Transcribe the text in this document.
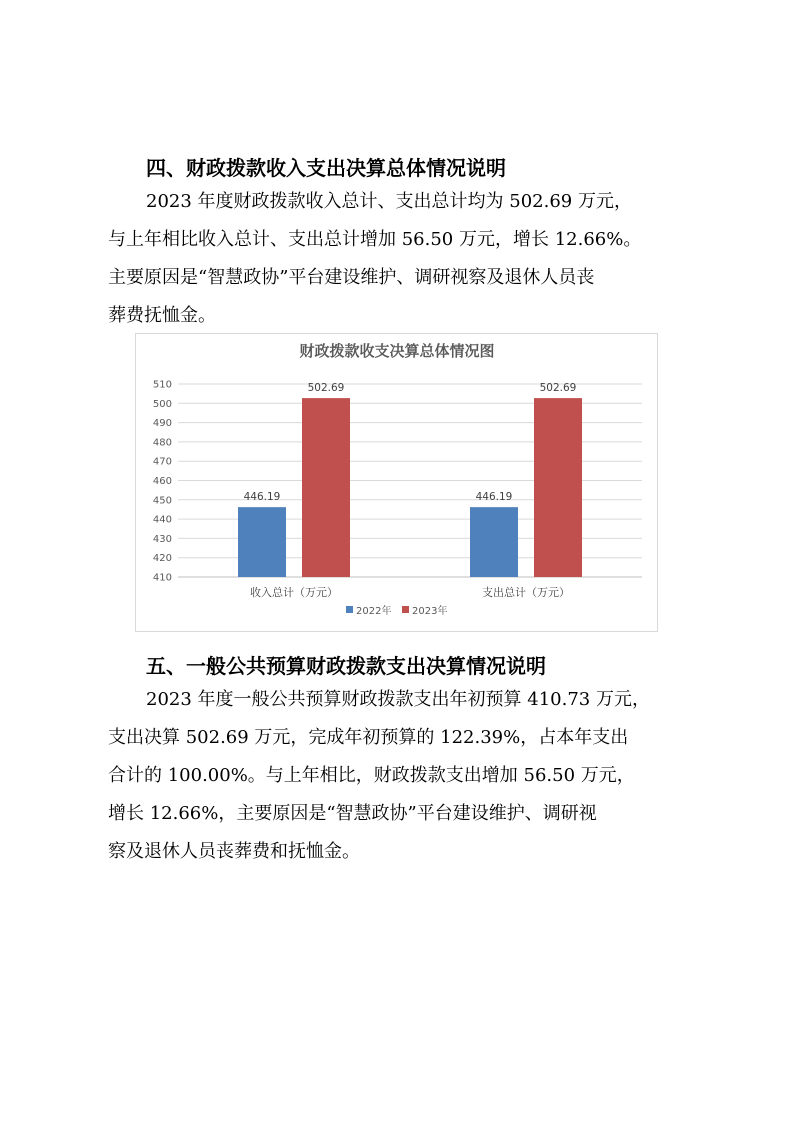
四、财政拨款收入支出决算总体情况说明
2023 年度财政拨款收入总计、支出总计均为 502.69 万元，
与上年相比收入总计、支出总计增加 56.50 万元，增长 12.66%。
主要原因是“智慧政协”平台建设维护、调研视察及退休人员丧
葬费抚恤金。
财政拨款收支决算总体情况图
410
420
430
440
450
460
470
480
490
500
510
446.19
502.69
446.19
502.69
收入总计（万元）	支出总计（万元）
2022年 2023年
五、一般公共预算财政拨款支出决算情况说明
2023 年度一般公共预算财政拨款支出年初预算 410.73 万元，
支出决算 502.69 万元，完成年初预算的 122.39%，占本年支出
合计的 100.00%。与上年相比，财政拨款支出增加 56.50 万元，
增长 12.66%，主要原因是“智慧政协”平台建设维护、调研视
察及退休人员丧葬费和抚恤金。
